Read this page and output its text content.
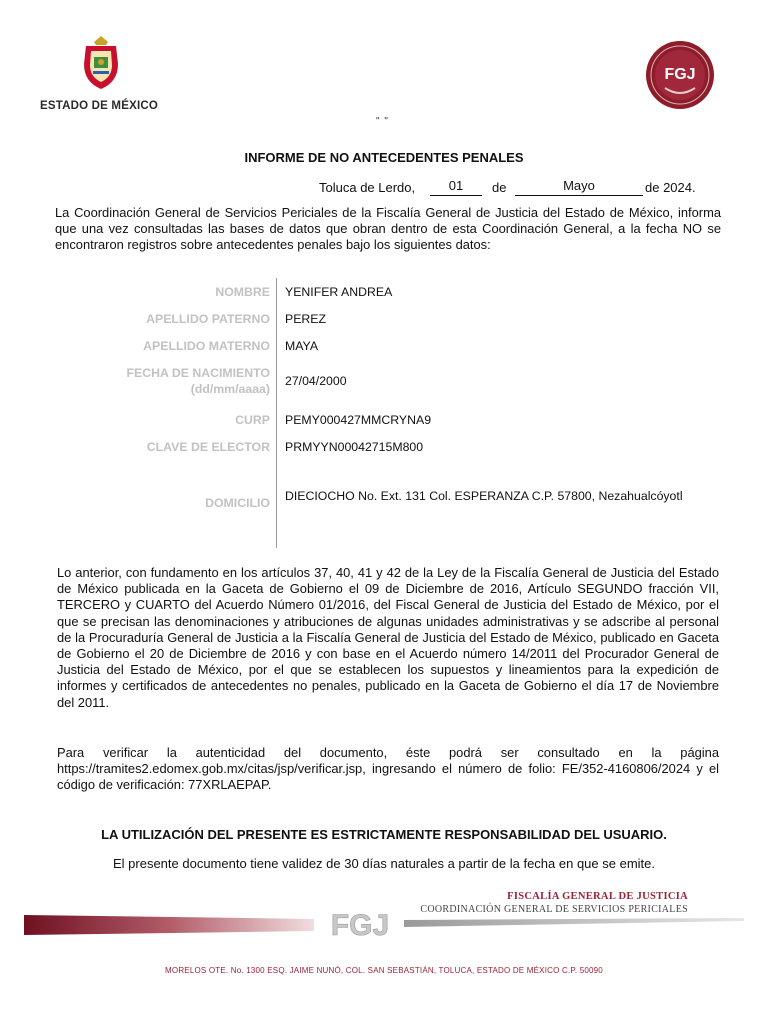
ESTADO DE MÉXICO
FGJ
" "
INFORME DE NO ANTECEDENTES PENALES
Toluca de Lerdo,	01	de	Mayo	de 2024.
La Coordinación General de Servicios Periciales de la Fiscalía General de Justicia del Estado de México, informa que una vez consultadas las bases de datos que obran dentro de esta Coordinación General, a la fecha NO se encontraron registros sobre antecedentes penales bajo los siguientes datos:
NOMBRE YENIFER ANDREA
APELLIDO PATERNO PEREZ
APELLIDO MATERNO MAYA
FECHA DE NACIMIENTO
(dd/mm/aaaa)
27/04/2000
CURP PEMY000427MMCRYNA9
CLAVE DE ELECTOR PRMYYN00042715M800
DOMICILIO DIECIOCHO No. Ext. 131 Col. ESPERANZA C.P. 57800, Nezahualcóyotl
Lo anterior, con fundamento en los artículos 37, 40, 41 y 42 de la Ley de la Fiscalía General de Justicia del Estado de México publicada en la Gaceta de Gobierno el 09 de Diciembre de 2016, Artículo SEGUNDO fracción VII, TERCERO y CUARTO del Acuerdo Número 01/2016, del Fiscal General de Justicia del Estado de México, por el que se precisan las denominaciones y atribuciones de algunas unidades administrativas y se adscribe al personal de la Procuraduría General de Justicia a la Fiscalía General de Justicia del Estado de México, publicado en Gaceta de Gobierno el 20 de Diciembre de 2016 y con base en el Acuerdo número 14/2011 del Procurador General de Justicia del Estado de México, por el que se establecen los supuestos y lineamientos para la expedición de informes y certificados de antecedentes no penales, publicado en la Gaceta de Gobierno el día 17 de Noviembre del 2011.
Para verificar la autenticidad del documento, éste podrá ser consultado en la página https://tramites2.edomex.gob.mx/citas/jsp/verificar.jsp, ingresando el número de folio: FE/352-4160806/2024 y el código de verificación: 77XRLAEPAP.
LA UTILIZACIÓN DEL PRESENTE ES ESTRICTAMENTE RESPONSABILIDAD DEL USUARIO.
El presente documento tiene validez de 30 días naturales a partir de la fecha en que se emite.
FGJ
FISCALÍA GENERAL DE JUSTICIA
COORDINACIÓN GENERAL DE SERVICIOS PERICIALES
MORELOS OTE. No. 1300 ESQ. JAIME NUNÓ, COL. SAN SEBASTIÁN, TOLUCA, ESTADO DE MÉXICO C.P. 50090
